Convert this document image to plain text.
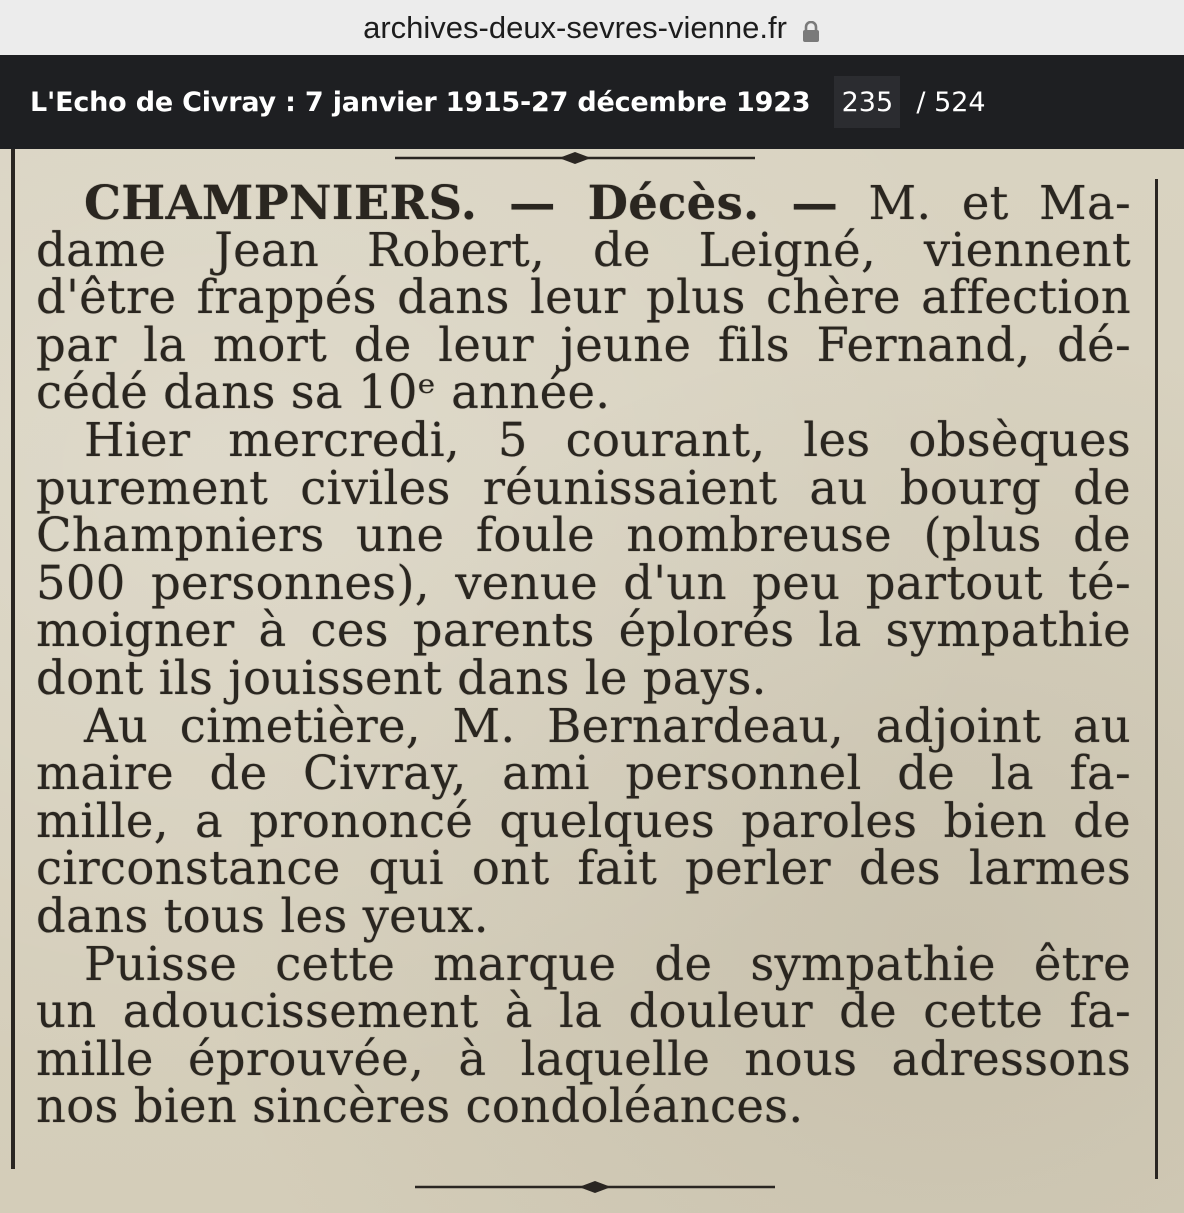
archives-deux-sevres-vienne.fr
L'Echo de Civray : 7 janvier 1915-27 décembre 1923 235 / 524
CHAMPNIERS. — Décès. — M. et Ma-
dame Jean Robert, de Leigné, viennent
d'être frappés dans leur plus chère affection
par la mort de leur jeune fils Fernand, dé-
cédé dans sa 10ᵉ année.
Hier mercredi, 5 courant, les obsèques
purement civiles réunissaient au bourg de
Champniers une foule nombreuse (plus de
500 personnes), venue d'un peu partout té-
moigner à ces parents éplorés la sympathie
dont ils jouissent dans le pays.
Au cimetière, M. Bernardeau, adjoint au
maire de Civray, ami personnel de la fa-
mille, a prononcé quelques paroles bien de
circonstance qui ont fait perler des larmes
dans tous les yeux.
Puisse cette marque de sympathie être
un adoucissement à la douleur de cette fa-
mille éprouvée, à laquelle nous adressons
nos bien sincères condoléances.
